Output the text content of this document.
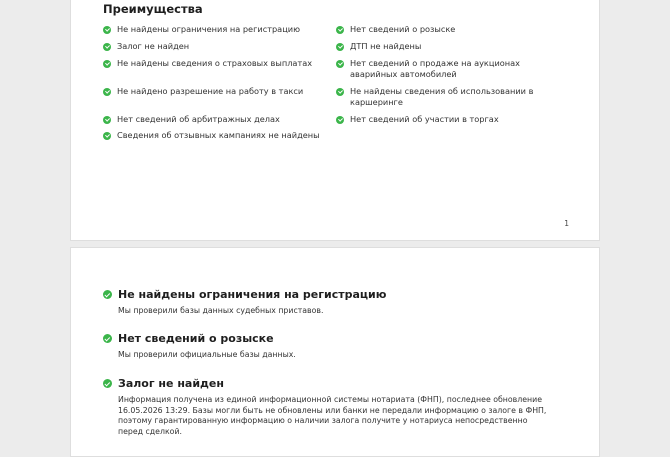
Преимущества
Не найдены ограничения на регистрацию	Нет сведений о розыске
Залог не найден	ДТП не найдены
Не найдены сведения о страховых выплатах	Нет сведений о продаже на аукционах аварийных автомобилей
Не найдено разрешение на работу в такси	Не найдены сведения об использовании в каршеринге
Нет сведений об арбитражных делах	Нет сведений об участии в торгах
Сведения об отзывных кампаниях не найдены
1
Не найдены ограничения на регистрацию
Мы проверили базы данных судебных приставов.
Нет сведений о розыске
Мы проверили официальные базы данных.
Залог не найден
Информация получена из единой информационной системы нотариата (ФНП), последнее обновление 16.05.2026 13:29. Базы могли быть не обновлены или банки не передали информацию о залоге в ФНП, поэтому гарантированную информацию о наличии залога получите у нотариуса непосредственно перед сделкой.
